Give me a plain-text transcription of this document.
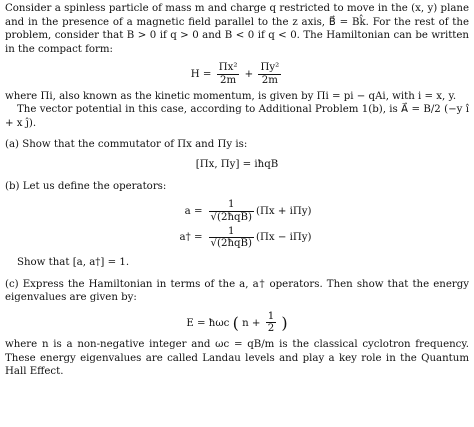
Consider a spinless particle of mass m and charge q restricted to move in the (x, y) plane and in the presence of a magnetic field parallel to the z axis, B⃗ = Bk̂. For the rest of the problem, consider that B > 0 if q > 0 and B < 0 if q < 0. The Hamiltonian can be written in the compact form:

$H = \frac{\text{Πx²}}{2m} + \frac{\text{Πy²}}{2m}$

where Πi, also known as the kinetic momentum, is given by Πi = pi − qAi, with i = x, y.

The vector potential in this case, according to Additional Problem 1(b), is A⃗ = B/2 (−y î + x ĵ).

(a) Show that the commutator of Πx and Πy is:

[Πx, Πy] = iħqB

(b) Let us define the operators:

$a = \frac{1}{\text{√(2ħqB)}} (\Pi x + i\Pi y)$
a† = $\frac{1}{\text{√(2ħqB)}} (\Pi x - i\Pi y)$

Show that [a, a†] = 1.

(c) Express the Hamiltonian in terms of the a, a† operators. Then show that the energy eigenvalues are given by:

E = ħωc ( $n + \frac{1}{2}$ )

where n is a non-negative integer and ωc = qB/m is the classical cyclotron frequency. These energy eigenvalues are called Landau levels and play a key role in the Quantum Hall Effect.
